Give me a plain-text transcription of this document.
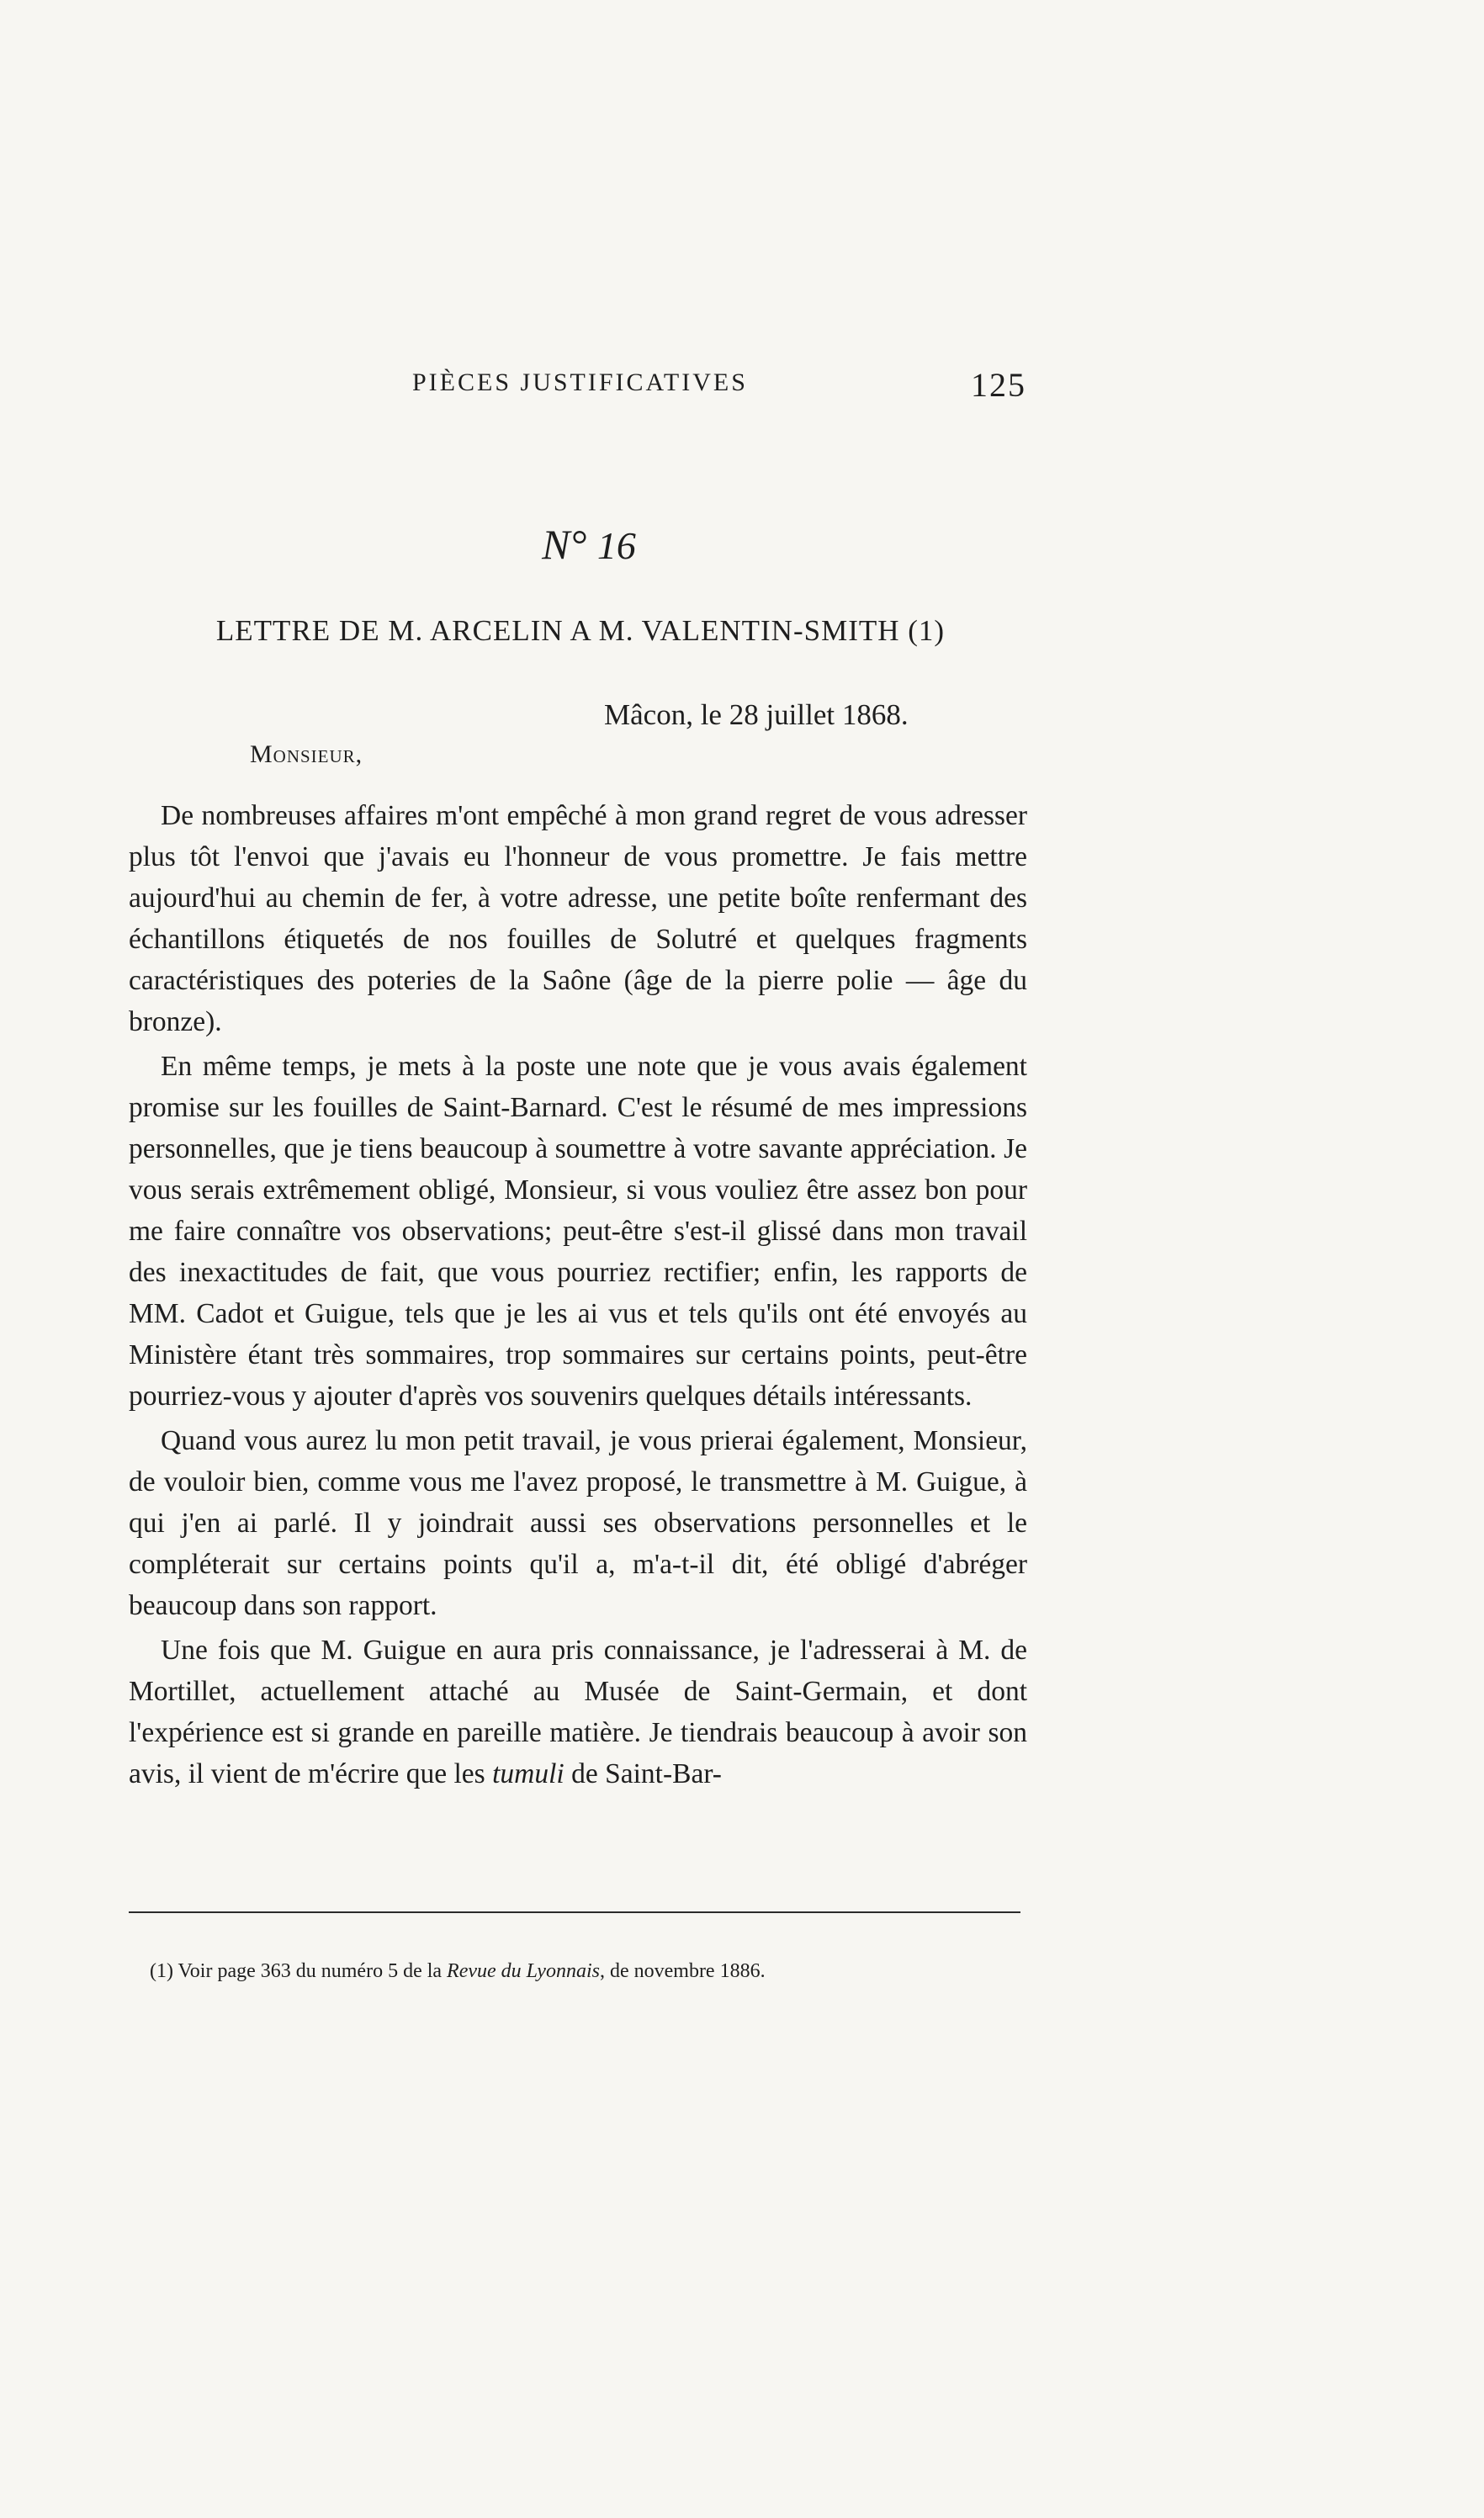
PIÈCES JUSTIFICATIVES	125
N° 16
LETTRE DE M. ARCELIN A M. VALENTIN-SMITH (1)
Mâcon, le 28 juillet 1868.
Monsieur,

De nombreuses affaires m'ont empêché à mon grand regret de vous adresser plus tôt l'envoi que j'avais eu l'honneur de vous promettre. Je fais mettre aujourd'hui au chemin de fer, à votre adresse, une petite boîte renfermant des échantillons étiquetés de nos fouilles de Solutré et quelques fragments caractéristiques des poteries de la Saône (âge de la pierre polie — âge du bronze).

En même temps, je mets à la poste une note que je vous avais également promise sur les fouilles de Saint-Barnard. C'est le résumé de mes impressions personnelles, que je tiens beaucoup à soumettre à votre savante appréciation. Je vous serais extrêmement obligé, Monsieur, si vous vouliez être assez bon pour me faire connaître vos observations; peut-être s'est-il glissé dans mon travail des inexactitudes de fait, que vous pourriez rectifier; enfin, les rapports de MM. Cadot et Guigue, tels que je les ai vus et tels qu'ils ont été envoyés au Ministère étant très sommaires, trop sommaires sur certains points, peut-être pourriez-vous y ajouter d'après vos souvenirs quelques détails intéressants.

Quand vous aurez lu mon petit travail, je vous prierai également, Monsieur, de vouloir bien, comme vous me l'avez proposé, le transmettre à M. Guigue, à qui j'en ai parlé. Il y joindrait aussi ses observations personnelles et le compléterait sur certains points qu'il a, m'a-t-il dit, été obligé d'abréger beaucoup dans son rapport.

Une fois que M. Guigue en aura pris connaissance, je l'adresserai à M. de Mortillet, actuellement attaché au Musée de Saint-Germain, et dont l'expérience est si grande en pareille matière. Je tiendrais beaucoup à avoir son avis, il vient de m'écrire que les tumuli de Saint-Bar-

(1) Voir page 363 du numéro 5 de la Revue du Lyonnais, de novembre 1886.
